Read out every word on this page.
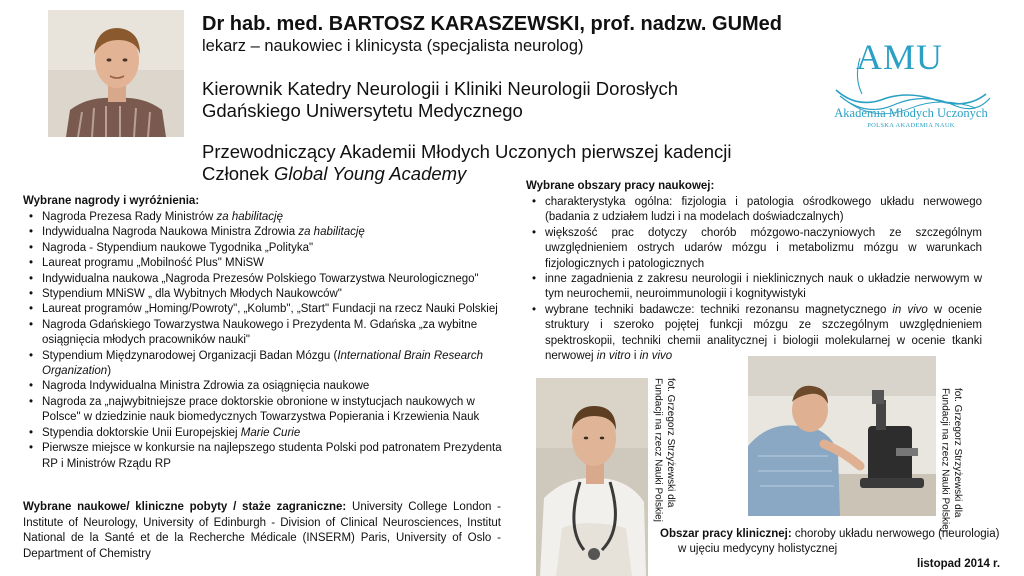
Dr hab. med. BARTOSZ KARASZEWSKI, prof. nadzw. GUMed
lekarz – naukowiec i klinicysta (specjalista neurolog)
Kierownik Katedry Neurologii i Kliniki Neurologii Dorosłych
Gdańskiego Uniwersytetu Medycznego
Przewodniczący Akademii Młodych Uczonych pierwszej kadencji
Członek Global Young Academy
AMU
Akademia Młodych Uczonych
POLSKA AKADEMIA NAUK
Wybrane nagrody i wyróżnienia:
• Nagroda Prezesa Rady Ministrów za habilitację
• Indywidualna Nagroda Naukowa Ministra Zdrowia za habilitację
• Nagroda - Stypendium naukowe Tygodnika „Polityka"
• Laureat programu „Mobilność Plus" MNiSW
• Indywidualna naukowa „Nagroda Prezesów Polskiego Towarzystwa Neurologicznego"
• Stypendium MNiSW „ dla Wybitnych Młodych Naukowców"
• Laureat programów „Homing/Powroty", „Kolumb", „Start" Fundacji na rzecz Nauki Polskiej
• Nagroda Gdańskiego Towarzystwa Naukowego i Prezydenta M. Gdańska „za wybitne osiągnięcia młodych pracowników nauki"
• Stypendium Międzynarodowej Organizacji Badan Mózgu (International Brain Research Organization)
• Nagroda Indywidualna Ministra Zdrowia za osiągnięcia naukowe
• Nagroda za „najwybitniejsze prace doktorskie obronione w instytucjach naukowych w Polsce" w dziedzinie nauk biomedycznych Towarzystwa Popierania i Krzewienia Nauk
• Stypendia doktorskie Unii Europejskiej Marie Curie
• Pierwsze miejsce w konkursie na najlepszego studenta Polski pod patronatem Prezydenta RP i Ministrów Rządu RP
Wybrane naukowe/ kliniczne pobyty / staże zagraniczne: University College London - Institute of Neurology, University of Edinburgh - Division of Clinical Neurosciences, Institut National de la Santé et de la Recherche Médicale (INSERM) Paris, University of Oslo - Department of Chemistry
Wybrane obszary pracy naukowej:
• charakterystyka ogólna: fizjologia i patologia ośrodkowego układu nerwowego (badania z udziałem ludzi i na modelach doświadczalnych)
• większość prac dotyczy chorób mózgowo-naczyniowych ze szczególnym uwzględnieniem ostrych udarów mózgu i metabolizmu mózgu w warunkach fizjologicznych i patologicznych
• inne zagadnienia z zakresu neurologii i nieklinicznych nauk o układzie nerwowym w tym neurochemii, neuroimmunologii i kognitywistyki
• wybrane techniki badawcze: techniki rezonansu magnetycznego in vivo w ocenie struktury i szeroko pojętej funkcji mózgu ze szczególnym uwzględnieniem spektroskopii, techniki chemii analitycznej i biologii molekularnej w ocenie tkanki nerwowej in vitro i in vivo
fot. Grzegorz Strzyżewski dla
Fundacji na rzecz Nauki Polskiej	fot. Grzegorz Strzyżewski dla
Fundacji na rzecz Nauki Polskiej
Obszar pracy klinicznej: choroby układu nerwowego (neurologia)
w ujęciu medycyny holistycznej
listopad 2014 r.
